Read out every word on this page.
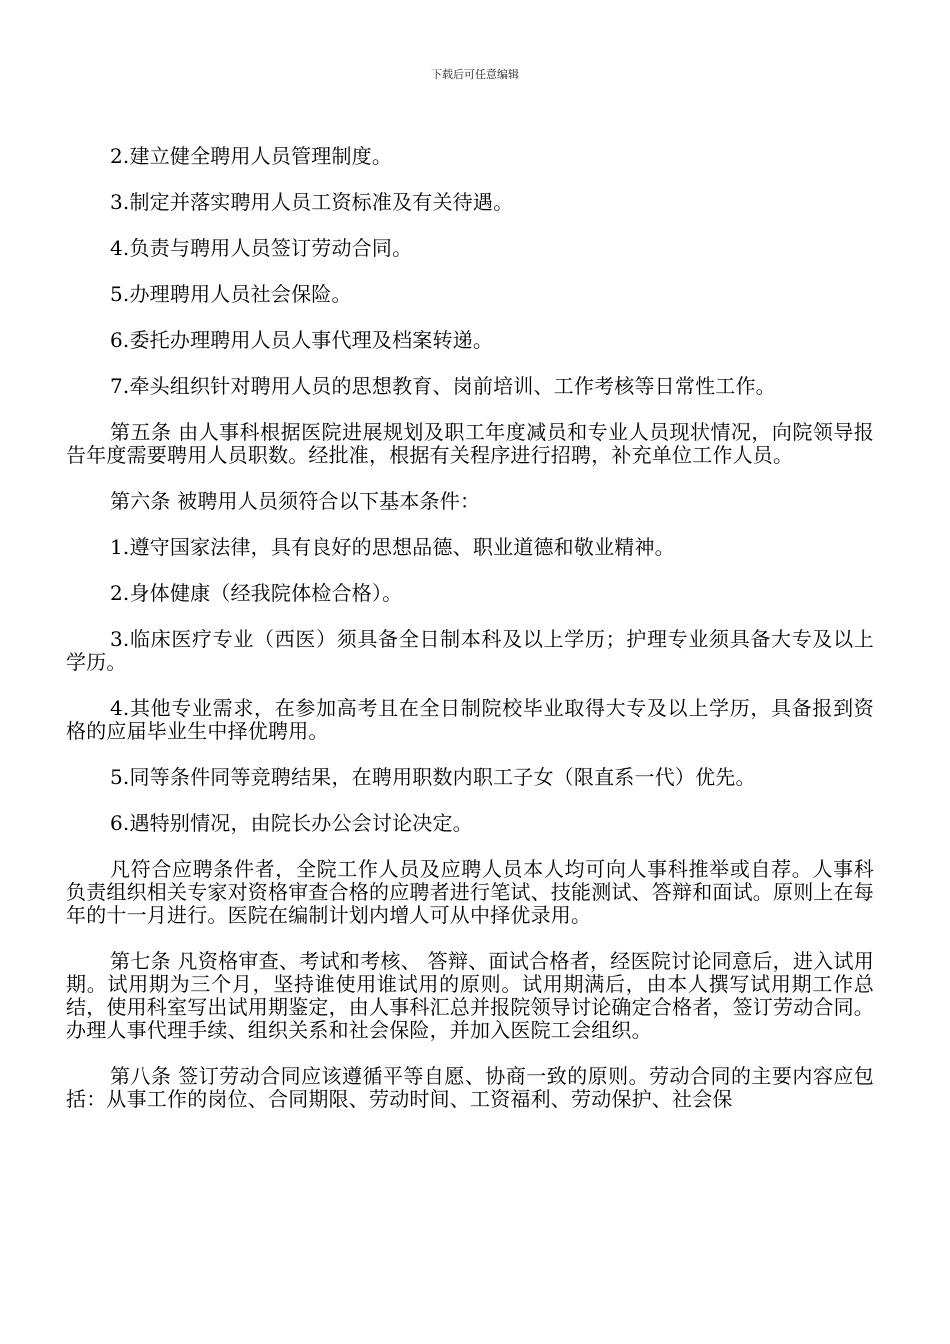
下载后可任意编辑

2.建立健全聘用人员管理制度。

3.制定并落实聘用人员工资标准及有关待遇。

4.负责与聘用人员签订劳动合同。

5.办理聘用人员社会保险。

6.委托办理聘用人员人事代理及档案转递。

7.牵头组织针对聘用人员的思想教育、岗前培训、工作考核等日常性工作。

第五条 由人事科根据医院进展规划及职工年度减员和专业人员现状情况，向院领导报告年度需要聘用人员职数。经批准，根据有关程序进行招聘，补充单位工作人员。

第六条 被聘用人员须符合以下基本条件：

1.遵守国家法律，具有良好的思想品德、职业道德和敬业精神。

2.身体健康（经我院体检合格）。

3.临床医疗专业（西医）须具备全日制本科及以上学历；护理专业须具备大专及以上学历。

4.其他专业需求，在参加高考且在全日制院校毕业取得大专及以上学历，具备报到资格的应届毕业生中择优聘用。

5.同等条件同等竞聘结果，在聘用职数内职工子女（限直系一代）优先。

6.遇特别情况，由院长办公会讨论决定。

凡符合应聘条件者，全院工作人员及应聘人员本人均可向人事科推举或自荐。人事科负责组织相关专家对资格审查合格的应聘者进行笔试、技能测试、答辩和面试。原则上在每年的十一月进行。医院在编制计划内增人可从中择优录用。

第七条 凡资格审查、考试和考核、 答辩、面试合格者，经医院讨论同意后，进入试用期。试用期为三个月，坚持谁使用谁试用的原则。试用期满后，由本人撰写试用期工作总结，使用科室写出试用期鉴定，由人事科汇总并报院领导讨论确定合格者，签订劳动合同。办理人事代理手续、组织关系和社会保险，并加入医院工会组织。

第八条 签订劳动合同应该遵循平等自愿、协商一致的原则。劳动合同的主要内容应包括：从事工作的岗位、合同期限、劳动时间、工资福利、劳动保护、社会保
